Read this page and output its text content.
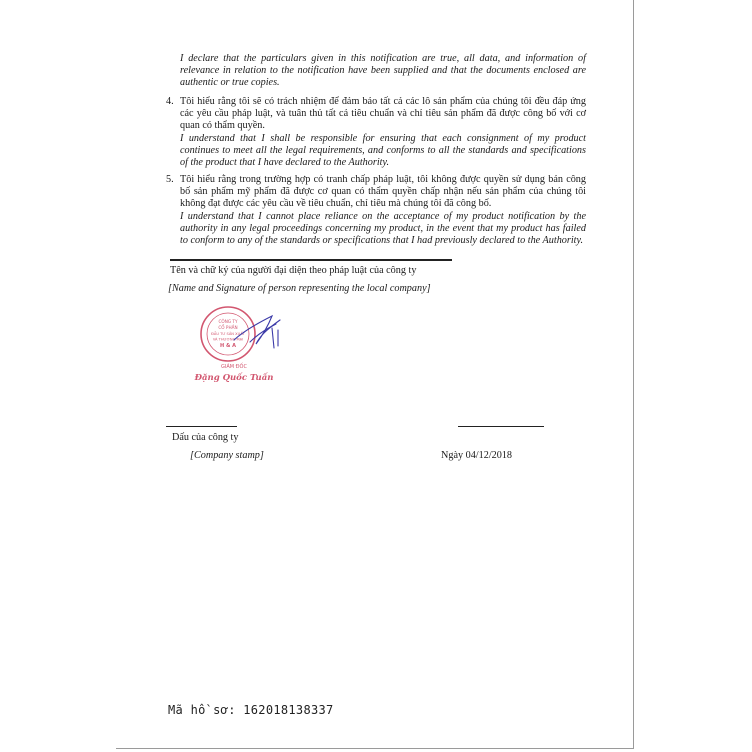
I declare that the particulars given in this notification are true, all data, and information of relevance in relation to the notification have been supplied and that the documents enclosed are authentic or true copies.
4. Tôi hiểu rằng tôi sẽ có trách nhiệm để đảm bảo tất cả các lô sản phẩm của chúng tôi đều đáp ứng các yêu cầu pháp luật, và tuân thủ tất cả tiêu chuẩn và chỉ tiêu sản phẩm đã được công bố với cơ quan có thẩm quyền.
I understand that I shall be responsible for ensuring that each consignment of my product continues to meet all the legal requirements, and conforms to all the standards and specifications of the product that I have declared to the Authority.
5. Tôi hiểu rằng trong trường hợp có tranh chấp pháp luật, tôi không được quyền sử dụng bản công bố sản phẩm mỹ phẩm đã được cơ quan có thẩm quyền chấp nhận nếu sản phẩm của chúng tôi không đạt được các yêu cầu về tiêu chuẩn, chỉ tiêu mà chúng tôi đã công bố.
I understand that I cannot place reliance on the acceptance of my product notification by the authority in any legal proceedings concerning my product, in the event that my product has failed to conform to any of the standards or specifications that I had previously declared to the Authority.
Tên và chữ ký của người đại diện theo pháp luật của công ty
[Name and Signature of person representing the local company]
CÔNG TY
CỔ PHẦN
ĐẦU TƯ SẢN XUẤT
VÀ THƯƠNG MẠI
H & A
GIÁM ĐỐC
Đặng Quốc Tuấn
Dấu của công ty
[Company stamp]	Ngày 04/12/2018
Mã hồ sơ: 162018138337
